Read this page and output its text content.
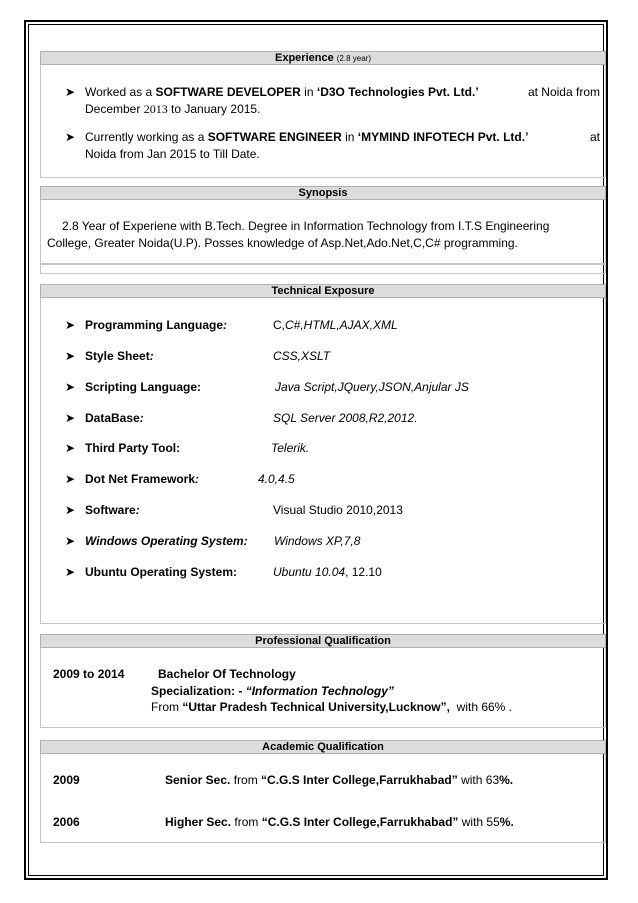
Experience (2.8 year)
➤ Worked as a SOFTWARE DEVELOPER in ‘D3O Technologies Pvt. Ltd.’	at Noida from
December 2013 to January 2015.
➤ Currently working as a SOFTWARE ENGINEER in ‘MYMIND INFOTECH Pvt. Ltd.’	at
Noida from Jan 2015 to Till Date.
Synopsis
2.8 Year of Experiene with B.Tech. Degree in Information Technology from I.T.S Engineering
College, Greater Noida(U.P). Posses knowledge of Asp.Net,Ado.Net,C,C# programming.
Technical Exposure
➤ Programming Language:	C,C#,HTML,AJAX,XML
➤ Style Sheet:	CSS,XSLT
➤ Scripting Language:	Java Script,JQuery,JSON,Anjular JS
➤ DataBase:	SQL Server 2008,R2,2012.
➤ Third Party Tool:	Telerik.
➤ Dot Net Framework:	4.0,4.5
➤ Software:	Visual Studio 2010,2013
➤ Windows Operating System: Windows XP,7,8
➤ Ubuntu Operating System:	Ubuntu 10.04, 12.10
Professional Qualification
2009 to 2014	Bachelor Of Technology
Specialization: - “Information Technology”
From “Uttar Pradesh Technical University,Lucknow”,  with 66% .
Academic Qualification
2009	Senior Sec. from “C.G.S Inter College,Farrukhabad” with 63%.
2006	Higher Sec. from “C.G.S Inter College,Farrukhabad” with 55%.
